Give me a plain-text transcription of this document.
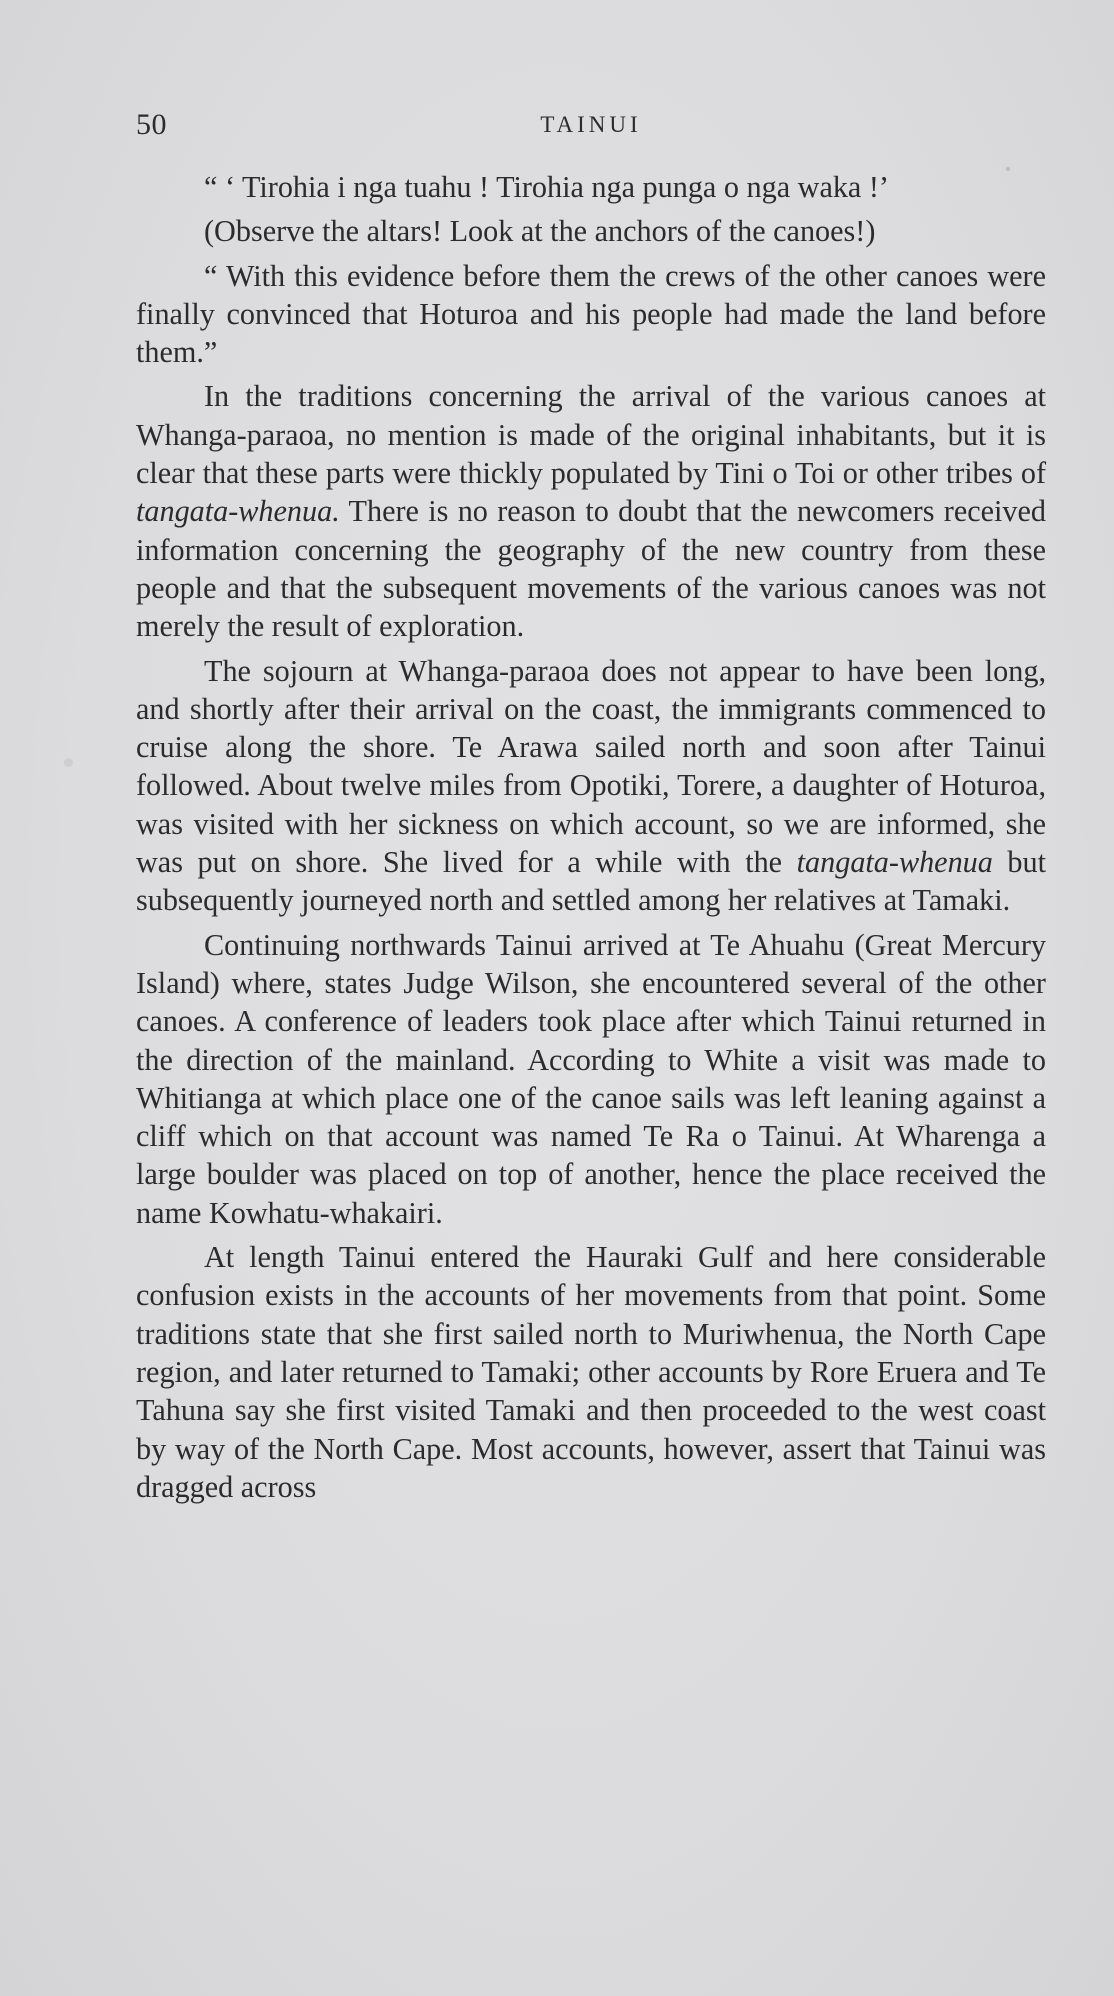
50	TAINUI

“ ‘ Tirohia i nga tuahu ! Tirohia nga punga o nga waka !’

(Observe the altars! Look at the anchors of the canoes!)

“ With this evidence before them the crews of the other canoes were finally convinced that Hoturoa and his people had made the land before them.”

In the traditions concerning the arrival of the various canoes at Whanga-paraoa, no mention is made of the original inhabitants, but it is clear that these parts were thickly populated by Tini o Toi or other tribes of tangata-whenua. There is no reason to doubt that the newcomers received information concerning the geography of the new country from these people and that the subsequent movements of the various canoes was not merely the result of exploration.

The sojourn at Whanga-paraoa does not appear to have been long, and shortly after their arrival on the coast, the immigrants commenced to cruise along the shore. Te Arawa sailed north and soon after Tainui followed. About twelve miles from Opotiki, Torere, a daughter of Hoturoa, was visited with her sickness on which account, so we are informed, she was put on shore. She lived for a while with the tangata-whenua but subsequently journeyed north and settled among her relatives at Tamaki.

Continuing northwards Tainui arrived at Te Ahuahu (Great Mercury Island) where, states Judge Wilson, she encountered several of the other canoes. A conference of leaders took place after which Tainui returned in the direction of the mainland. According to White a visit was made to Whitianga at which place one of the canoe sails was left leaning against a cliff which on that account was named Te Ra o Tainui. At Wharenga a large boulder was placed on top of another, hence the place received the name Kowhatu-whakairi.

At length Tainui entered the Hauraki Gulf and here considerable confusion exists in the accounts of her movements from that point. Some traditions state that she first sailed north to Muriwhenua, the North Cape region, and later returned to Tamaki; other accounts by Rore Eruera and Te Tahuna say she first visited Tamaki and then proceeded to the west coast by way of the North Cape. Most accounts, however, assert that Tainui was dragged across
